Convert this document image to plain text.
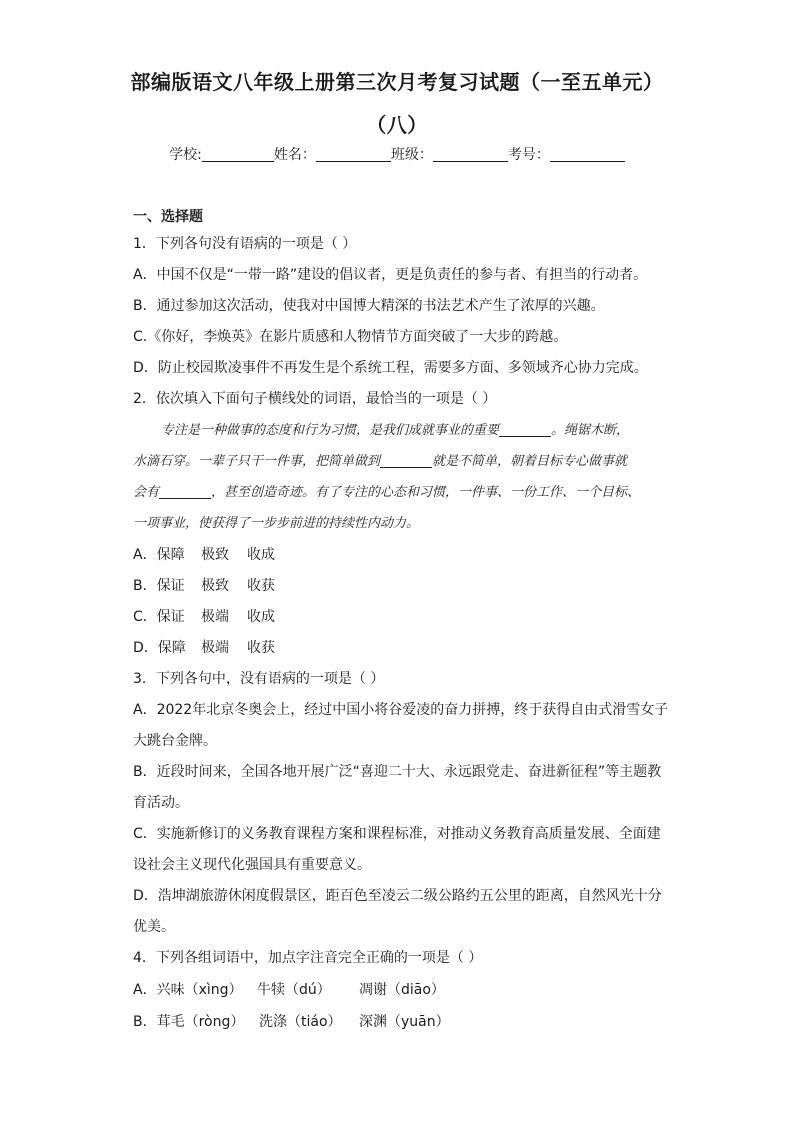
部编版语文八年级上册第三次月考复习试题（一至五单元）
（八）
学校:	姓名：	班级：	考号：
一、选择题
1．下列各句没有语病的一项是（ ）
A．中国不仅是“一带一路”建设的倡议者，更是负责任的参与者、有担当的行动者。
B．通过参加这次活动，使我对中国博大精深的书法艺术产生了浓厚的兴趣。
C.《你好，李焕英》在影片质感和人物情节方面突破了一大步的跨越。
D．防止校园欺凌事件不再发生是个系统工程，需要多方面、多领域齐心协力完成。
2．依次填入下面句子横线处的词语，最恰当的一项是（ ）
专注是一种做事的态度和行为习惯，是我们成就事业的重要	。绳锯木断，
水滴石穿。一辈子只干一件事，把简单做到	就是不简单，朝着目标专心做事就
会有	，甚至创造奇迹。有了专注的心态和习惯，一件事、一份工作、一个目标、
一项事业，使获得了一步步前进的持续性内动力。
A．保障 极致 收成
B．保证 极致 收获
C．保证 极端 收成
D．保障 极端 收获
3．下列各句中，没有语病的一项是（ ）
A．2022年北京冬奥会上，经过中国小将谷爱凌的奋力拼搏，终于获得自由式滑雪女子
大跳台金牌。
B．近段时间来，全国各地开展广泛“喜迎二十大、永远跟党走、奋进新征程”等主题教
育活动。
C．实施新修订的义务教育课程方案和课程标准，对推动义务教育高质量发展、全面建
设社会主义现代化强国具有重要意义。
D．浩坤湖旅游休闲度假景区，距百色至凌云二级公路约五公里的距离，自然风光十分
优美。
4．下列各组词语中，加点字注音完全正确的一项是（ ）
A．兴味（xìng） 牛犊（dú） 凋谢（diāo）
B．茸毛（ròng） 洗涤（tiáo） 深渊（yuān）
